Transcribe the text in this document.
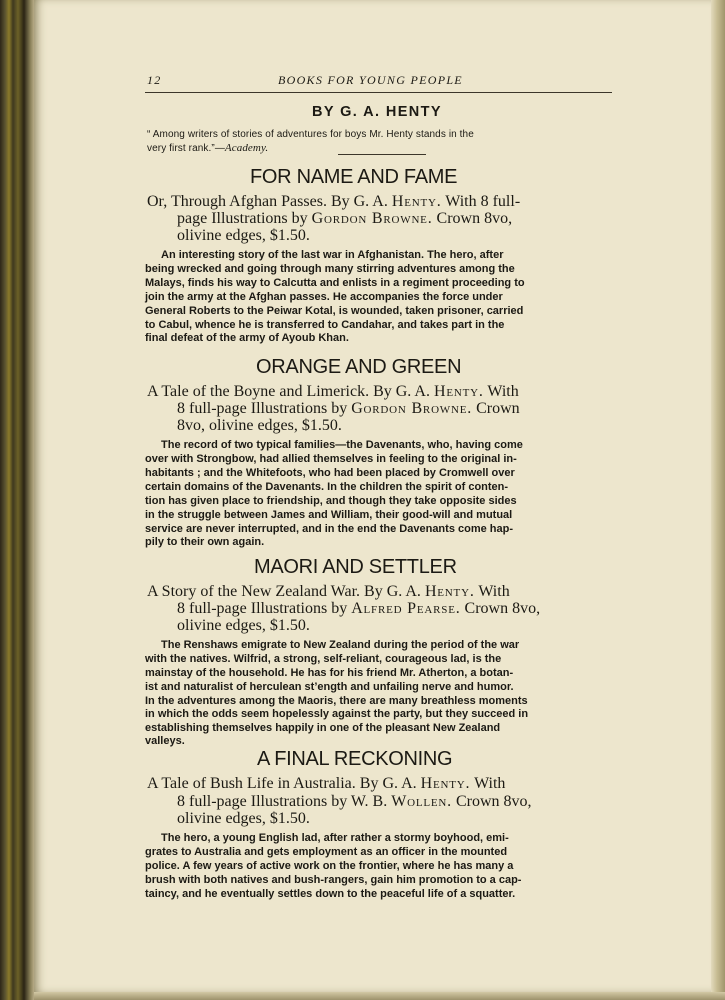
12	BOOKS FOR YOUNG PEOPLE
BY G. A. HENTY
“ Among writers of stories of adventures for boys Mr. Henty stands in the
very first rank.”—Academy.
FOR NAME AND FAME
Or, Through Afghan Passes. By G. A. Henty. With 8 full-
page Illustrations by Gordon Browne. Crown 8vo,
olivine edges, $1.50.
An interesting story of the last war in Afghanistan. The hero, after
being wrecked and going through many stirring adventures among the
Malays, finds his way to Calcutta and enlists in a regiment proceeding to
join the army at the Afghan passes. He accompanies the force under
General Roberts to the Peiwar Kotal, is wounded, taken prisoner, carried
to Cabul, whence he is transferred to Candahar, and takes part in the
final defeat of the army of Ayoub Khan.
ORANGE AND GREEN
A Tale of the Boyne and Limerick. By G. A. Henty. With
8 full-page Illustrations by Gordon Browne. Crown
8vo, olivine edges, $1.50.
The record of two typical families—the Davenants, who, having come
over with Strongbow, had allied themselves in feeling to the original in-
habitants ; and the Whitefoots, who had been placed by Cromwell over
certain domains of the Davenants. In the children the spirit of conten-
tion has given place to friendship, and though they take opposite sides
in the struggle between James and William, their good-will and mutual
service are never interrupted, and in the end the Davenants come hap-
pily to their own again.
MAORI AND SETTLER
A Story of the New Zealand War. By G. A. Henty. With
8 full-page Illustrations by Alfred Pearse. Crown 8vo,
olivine edges, $1.50.
The Renshaws emigrate to New Zealand during the period of the war
with the natives. Wilfrid, a strong, self-reliant, courageous lad, is the
mainstay of the household. He has for his friend Mr. Atherton, a botan-
ist and naturalist of herculean st’ength and unfailing nerve and humor.
In the adventures among the Maoris, there are many breathless moments
in which the odds seem hopelessly against the party, but they succeed in
establishing themselves happily in one of the pleasant New Zealand
valleys.
A FINAL RECKONING
A Tale of Bush Life in Australia. By G. A. Henty. With
8 full-page Illustrations by W. B. Wollen. Crown 8vo,
olivine edges, $1.50.
The hero, a young English lad, after rather a stormy boyhood, emi-
grates to Australia and gets employment as an officer in the mounted
police. A few years of active work on the frontier, where he has many a
brush with both natives and bush-rangers, gain him promotion to a cap-
taincy, and he eventually settles down to the peaceful life of a squatter.
